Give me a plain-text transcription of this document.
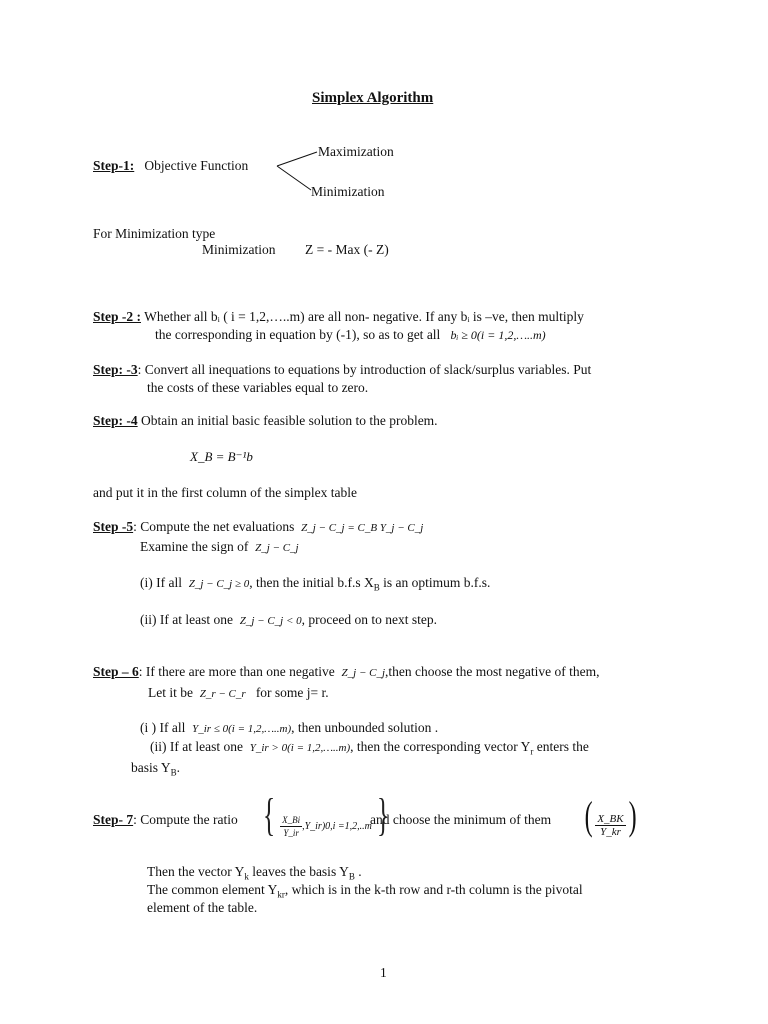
Simplex Algorithm
Step-1: Objective Function
Maximization
Minimization
For Minimization type
Minimization Z = - Max (- Z)
Step -2 : Whether all bᵢ ( i = 1,2,…..m) are all non- negative. If any bᵢ is –ve, then multiply
the corresponding in equation by (-1), so as to get all bᵢ ≥ 0(i = 1,2,…..m)
Step: -3: Convert all inequations to equations by introduction of slack/surplus variables. Put
the costs of these variables equal to zero.
Step: -4 Obtain an initial basic feasible solution to the problem.
X_B = B⁻¹b
and put it in the first column of the simplex table
Step -5: Compute the net evaluations Z_j − C_j = C_B Y_j − C_j
Examine the sign of Z_j − C_j
(i) If all Z_j − C_j ≥ 0, then the initial b.f.s $X_B$ is an optimum b.f.s.
(ii) If at least one Z_j − C_j < 0, proceed on to next step.
Step – 6: If there are more than one negative Z_j − C_j,then choose the most negative of them,
Let it be Z_r − C_r for some j= r.
(i ) If all Y_ir ≤ 0(i = 1,2,…..m), then unbounded solution .
(ii) If at least one Y_ir > 0(i = 1,2,…..m), then the corresponding vector $Y_r$ enters the
basis $Y_B$.
Step- 7: Compute the ratio { $\frac{X\_Bi}{Y\_ir}$ ,Y_ir)0,i =1,2,..m }
and choose the minimum of them ( $\frac{X\_BK}{Y\_kr}$ )
Then the vector $Y_k$ leaves the basis $Y_B$ .
The common element $Y_{kr}$, which is in the k-th row and r-th column is the pivotal
element of the table.
1
